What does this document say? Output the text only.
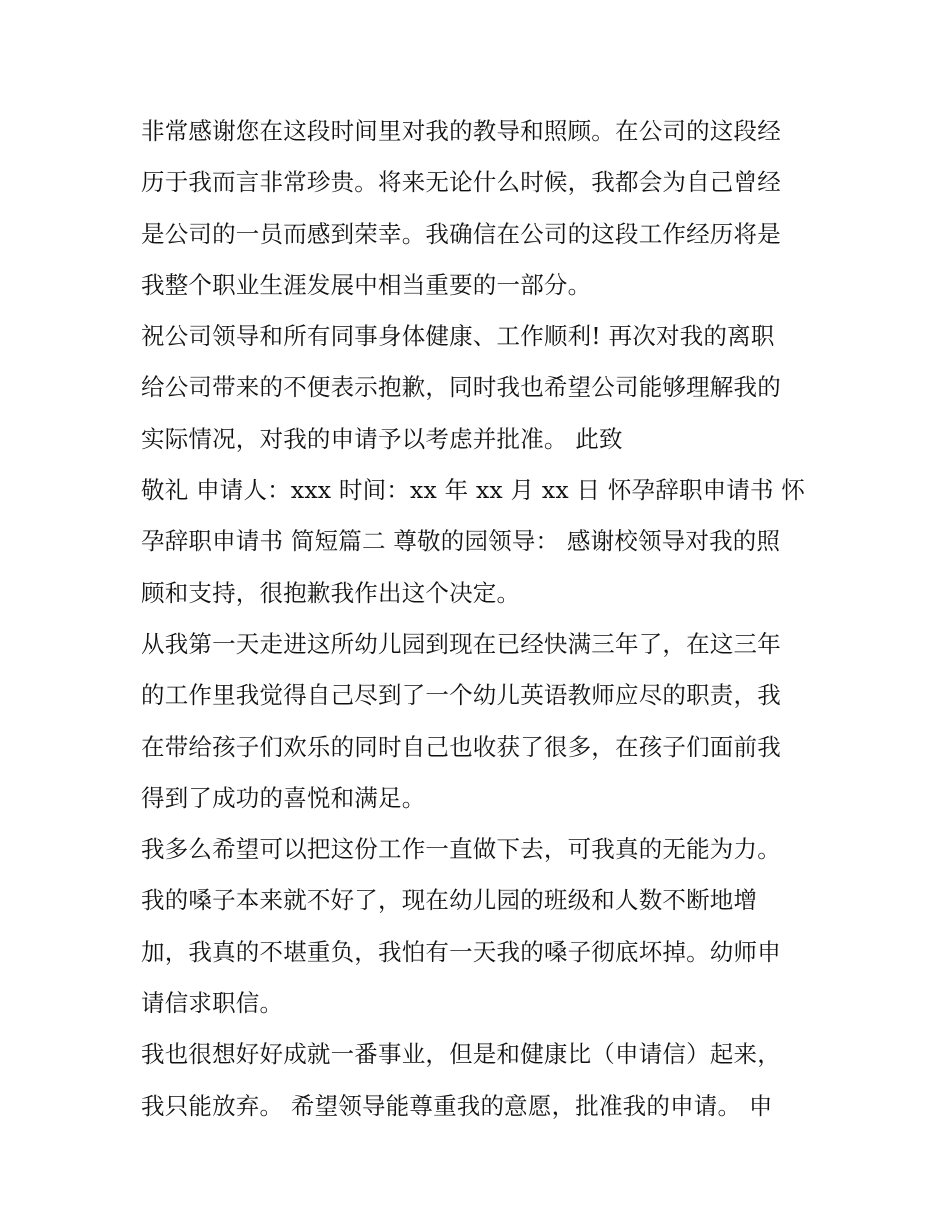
非常感谢您在这段时间里对我的教导和照顾。在公司的这段经
历于我而言非常珍贵。将来无论什么时候，我都会为自己曾经
是公司的一员而感到荣幸。我确信在公司的这段工作经历将是
我整个职业生涯发展中相当重要的一部分。
祝公司领导和所有同事身体健康、工作顺利! 再次对我的离职
给公司带来的不便表示抱歉，同时我也希望公司能够理解我的
实际情况，对我的申请予以考虑并批准。 此致
敬礼 申请人：xxx 时间：xx 年 xx 月 xx 日 怀孕辞职申请书 怀
孕辞职申请书 简短篇二 尊敬的园领导： 感谢校领导对我的照
顾和支持，很抱歉我作出这个决定。
从我第一天走进这所幼儿园到现在已经快满三年了，在这三年
的工作里我觉得自己尽到了一个幼儿英语教师应尽的职责，我
在带给孩子们欢乐的同时自己也收获了很多，在孩子们面前我
得到了成功的喜悦和满足。
我多么希望可以把这份工作一直做下去，可我真的无能为力。
我的嗓子本来就不好了，现在幼儿园的班级和人数不断地增
加，我真的不堪重负，我怕有一天我的嗓子彻底坏掉。幼师申
请信求职信。
我也很想好好成就一番事业，但是和健康比（申请信）起来，
我只能放弃。 希望领导能尊重我的意愿，批准我的申请。 申
